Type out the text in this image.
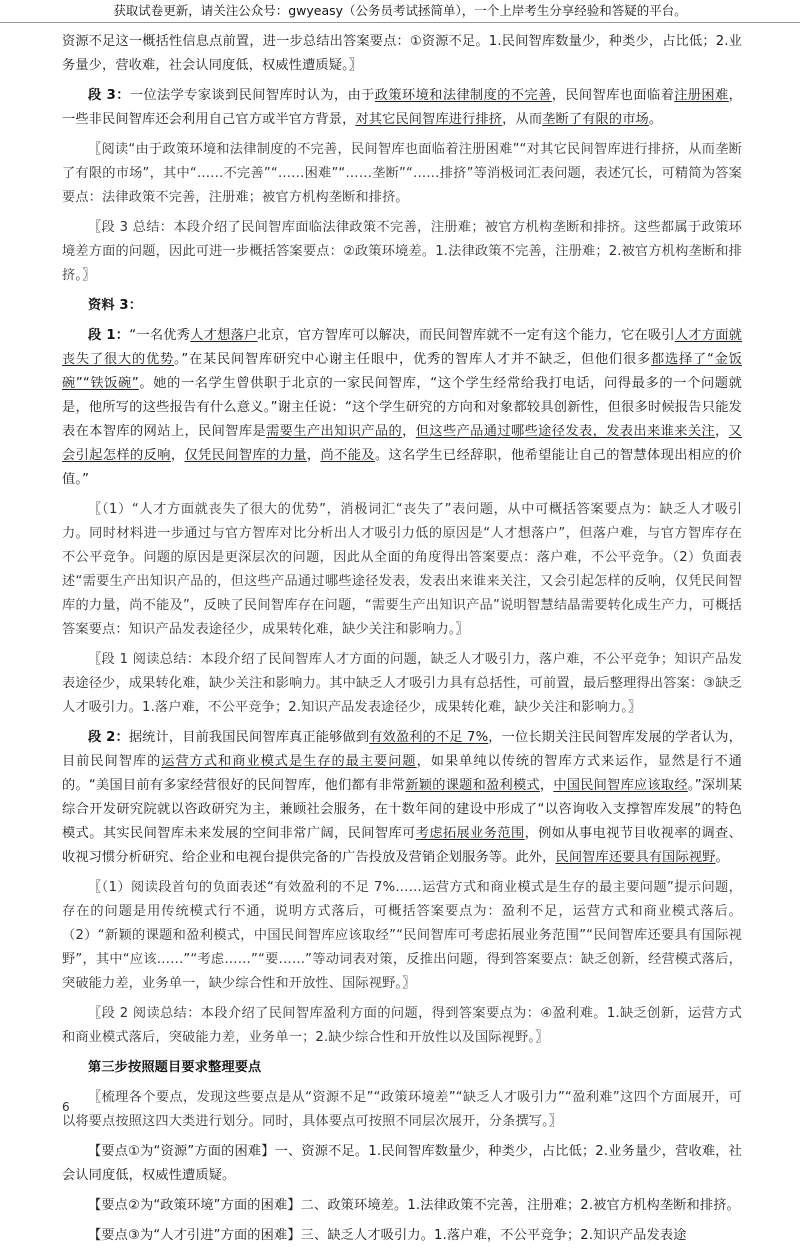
获取试卷更新，请关注公众号：gwyeasy（公务员考试拯简单），一个上岸考生分享经验和答疑的平台。

资源不足这一概括性信息点前置，进一步总结出答案要点：①资源不足。1.民间智库数量少，种类少，占比低；2.业务量少，营收难，社会认同度低，权威性遭质疑。〗

段 3：一位法学专家谈到民间智库时认为，由于政策环境和法律制度的不完善，民间智库也面临着注册困难，一些非民间智库还会利用自己官方或半官方背景，对其它民间智库进行排挤，从而垄断了有限的市场。

〖阅读“由于政策环境和法律制度的不完善，民间智库也面临着注册困难”“对其它民间智库进行排挤，从而垄断了有限的市场”，其中“……不完善”“……困难”“……垄断”“……排挤”等消极词汇表问题，表述冗长，可精简为答案要点：法律政策不完善，注册难；被官方机构垄断和排挤。

〖段 3 总结：本段介绍了民间智库面临法律政策不完善，注册难；被官方机构垄断和排挤。这些都属于政策环境差方面的问题，因此可进一步概括答案要点：②政策环境差。1.法律政策不完善，注册难；2.被官方机构垄断和排挤。〗

资料 3：

段 1：“一名优秀人才想落户北京，官方智库可以解决，而民间智库就不一定有这个能力，它在吸引人才方面就丧失了很大的优势。”在某民间智库研究中心谢主任眼中，优秀的智库人才并不缺乏，但他们很多都选择了“金饭碗”“铁饭碗”。她的一名学生曾供职于北京的一家民间智库，“这个学生经常给我打电话，问得最多的一个问题就是，他所写的这些报告有什么意义。”谢主任说：“这个学生研究的方向和对象都较具创新性，但很多时候报告只能发表在本智库的网站上，民间智库是需要生产出知识产品的，但这些产品通过哪些途径发表，发表出来谁来关注，又会引起怎样的反响，仅凭民间智库的力量，尚不能及。这名学生已经辞职，他希望能让自己的智慧体现出相应的价值。”

〖（1）“人才方面就丧失了很大的优势”，消极词汇“丧失了”表问题，从中可概括答案要点为：缺乏人才吸引力。同时材料进一步通过与官方智库对比分析出人才吸引力低的原因是“人才想落户”，但落户难，与官方智库存在不公平竞争。问题的原因是更深层次的问题，因此从全面的角度得出答案要点：落户难，不公平竞争。（2）负面表述“需要生产出知识产品的，但这些产品通过哪些途径发表，发表出来谁来关注，又会引起怎样的反响，仅凭民间智库的力量，尚不能及”，反映了民间智库存在问题，“需要生产出知识产品”说明智慧结晶需要转化成生产力，可概括答案要点：知识产品发表途径少，成果转化难，缺少关注和影响力。〗

〖段 1 阅读总结：本段介绍了民间智库人才方面的问题，缺乏人才吸引力，落户难，不公平竞争；知识产品发表途径少，成果转化难，缺少关注和影响力。其中缺乏人才吸引力具有总括性，可前置，最后整理得出答案：③缺乏人才吸引力。1.落户难，不公平竞争；2.知识产品发表途径少，成果转化难，缺少关注和影响力。〗

段 2：据统计，目前我国民间智库真正能够做到有效盈利的不足 7%，一位长期关注民间智库发展的学者认为，目前民间智库的运营方式和商业模式是生存的最主要问题，如果单纯以传统的智库方式来运作，显然是行不通的。“美国目前有多家经营很好的民间智库，他们都有非常新颖的课题和盈利模式，中国民间智库应该取经。”深圳某综合开发研究院就以咨政研究为主，兼顾社会服务，在十数年间的建设中形成了“以咨询收入支撑智库发展”的特色模式。其实民间智库未来发展的空间非常广阔，民间智库可考虑拓展业务范围，例如从事电视节目收视率的调查、收视习惯分析研究、给企业和电视台提供完备的广告投放及营销企划服务等。此外，民间智库还要具有国际视野。

〖（1）阅读段首句的负面表述“有效盈利的不足 7%……运营方式和商业模式是生存的最主要问题”提示问题，存在的问题是用传统模式行不通，说明方式落后，可概括答案要点为：盈利不足，运营方式和商业模式落后。（2）“新颖的课题和盈利模式，中国民间智库应该取经”“民间智库可考虑拓展业务范围”“民间智库还要具有国际视野”，其中“应该……”“考虑……”“要……”等动词表对策，反推出问题，得到答案要点：缺乏创新，经营模式落后，突破能力差，业务单一，缺少综合性和开放性、国际视野。〗

〖段 2 阅读总结：本段介绍了民间智库盈利方面的问题，得到答案要点为：④盈利难。1.缺乏创新，运营方式和商业模式落后，突破能力差，业务单一；2.缺少综合性和开放性以及国际视野。〗

第三步按照题目要求整理要点

〖梳理各个要点，发现这些要点是从“资源不足”“政策环境差”“缺乏人才吸引力”“盈利难”这四个方面展开，可以将要点按照这四大类进行划分。同时，具体要点可按照不同层次展开，分条撰写。〗

【要点①为“资源”方面的困难】一、资源不足。1.民间智库数量少，种类少，占比低；2.业务量少，营收难，社会认同度低，权威性遭质疑。

【要点②为“政策环境”方面的困难】二、政策环境差。1.法律政策不完善，注册难；2.被官方机构垄断和排挤。

【要点③为“人才引进”方面的困难】三、缺乏人才吸引力。1.落户难，不公平竞争；2.知识产品发表途

6
